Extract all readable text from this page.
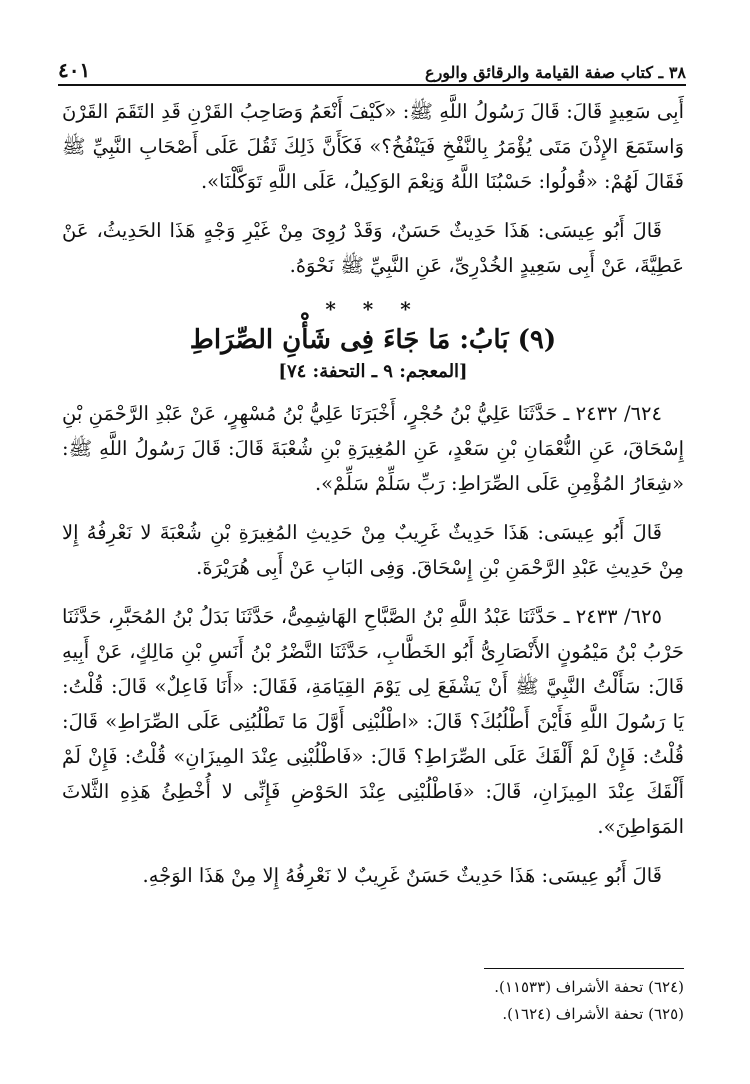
٣٨ ـ كتاب صفة القيامة والرقائق والورع
٤٠١

أَبِى سَعِيدٍ قَالَ: قَالَ رَسُولُ اللَّهِ ﷺ: «كَيْفَ أَنْعَمُ وَصَاحِبُ القَرْنِ قَدِ التَقَمَ القَرْنَ وَاستَمَعَ الإِذْنَ مَتَى يُؤْمَرُ بِالنَّفْخِ فَيَنْفُخُ؟» فَكَأَنَّ ذَلِكَ ثَقُلَ عَلَى أَصْحَابِ النَّبِيِّ ﷺ فَقَالَ لَهُمْ: «قُولُوا: حَسْبُنَا اللَّهُ وَنِعْمَ الوَكِيلُ، عَلَى اللَّهِ تَوَكَّلْنَا».

قَالَ أَبُو عِيسَى: هَذَا حَدِيثٌ حَسَنٌ، وَقَدْ رُوِىَ مِنْ غَيْرِ وَجْهٍ هَذَا الحَدِيثُ، عَنْ عَطِيَّةَ، عَنْ أَبِى سَعِيدٍ الخُدْرِىِّ، عَنِ النَّبِيِّ ﷺ نَحْوَهُ.

* * *
(٩) بَابُ: مَا جَاءَ فِى شَأْنِ الصِّرَاطِ
[المعجم: ٩ ـ التحفة: ٧٤]

٦٢٤/ ٢٤٣٢ ـ حَدَّثَنَا عَلِيُّ بْنُ حُجْرٍ، أَخْبَرَنَا عَلِيُّ بْنُ مُسْهِرٍ، عَنْ عَبْدِ الرَّحْمَنِ بْنِ إِسْحَاقَ، عَنِ النُّعْمَانِ بْنِ سَعْدٍ، عَنِ المُغِيرَةِ بْنِ شُعْبَةَ قَالَ: قَالَ رَسُولُ اللَّهِ ﷺ: «شِعَارُ المُؤْمِنِ عَلَى الصِّرَاطِ: رَبِّ سَلِّمْ سَلِّمْ».

قَالَ أَبُو عِيسَى: هَذَا حَدِيثٌ غَرِيبٌ مِنْ حَدِيثِ المُغِيرَةِ بْنِ شُعْبَةَ لا نَعْرِفُهُ إِلا مِنْ حَدِيثِ عَبْدِ الرَّحْمَنِ بْنِ إِسْحَاقَ. وَفِى البَابِ عَنْ أَبِى هُرَيْرَةَ.

٦٢٥/ ٢٤٣٣ ـ حَدَّثَنَا عَبْدُ اللَّهِ بْنُ الصَّبَّاحِ الهَاشِمِىُّ، حَدَّثَنَا بَدَلُ بْنُ المُحَبَّرِ، حَدَّثَنَا حَرْبُ بْنُ مَيْمُونٍ الأَنْصَارِىُّ أَبُو الخَطَّابِ، حَدَّثَنَا النَّضْرُ بْنُ أَنَسِ بْنِ مَالِكٍ، عَنْ أَبِيهِ قَالَ: سَأَلْتُ النَّبِيَّ ﷺ أَنْ يَشْفَعَ لِى يَوْمَ القِيَامَةِ، فَقَالَ: «أَنَا فَاعِلٌ» قَالَ: قُلْتُ: يَا رَسُولَ اللَّهِ فَأَيْنَ أَطْلُبُكَ؟ قَالَ: «اطْلُبْنِى أَوَّلَ مَا تَطْلُبُنِى عَلَى الصِّرَاطِ» قَالَ: قُلْتُ: فَإِنْ لَمْ أَلْقَكَ عَلَى الصِّرَاطِ؟ قَالَ: «فَاطْلُبْنِى عِنْدَ المِيزَانِ» قُلْتُ: فَإِنْ لَمْ أَلْقَكَ عِنْدَ المِيزَانِ، قَالَ: «فَاطْلُبْنِى عِنْدَ الحَوْضِ فَإِنِّى لا أُخْطِئُ هَذِهِ الثَّلاثَ المَوَاطِنَ».

قَالَ أَبُو عِيسَى: هَذَا حَدِيثٌ حَسَنٌ غَرِيبٌ لا نَعْرِفُهُ إِلا مِنْ هَذَا الوَجْهِ.

(٦٢٤) تحفة الأشراف (١١٥٣٣).
(٦٢٥) تحفة الأشراف (١٦٢٤).
